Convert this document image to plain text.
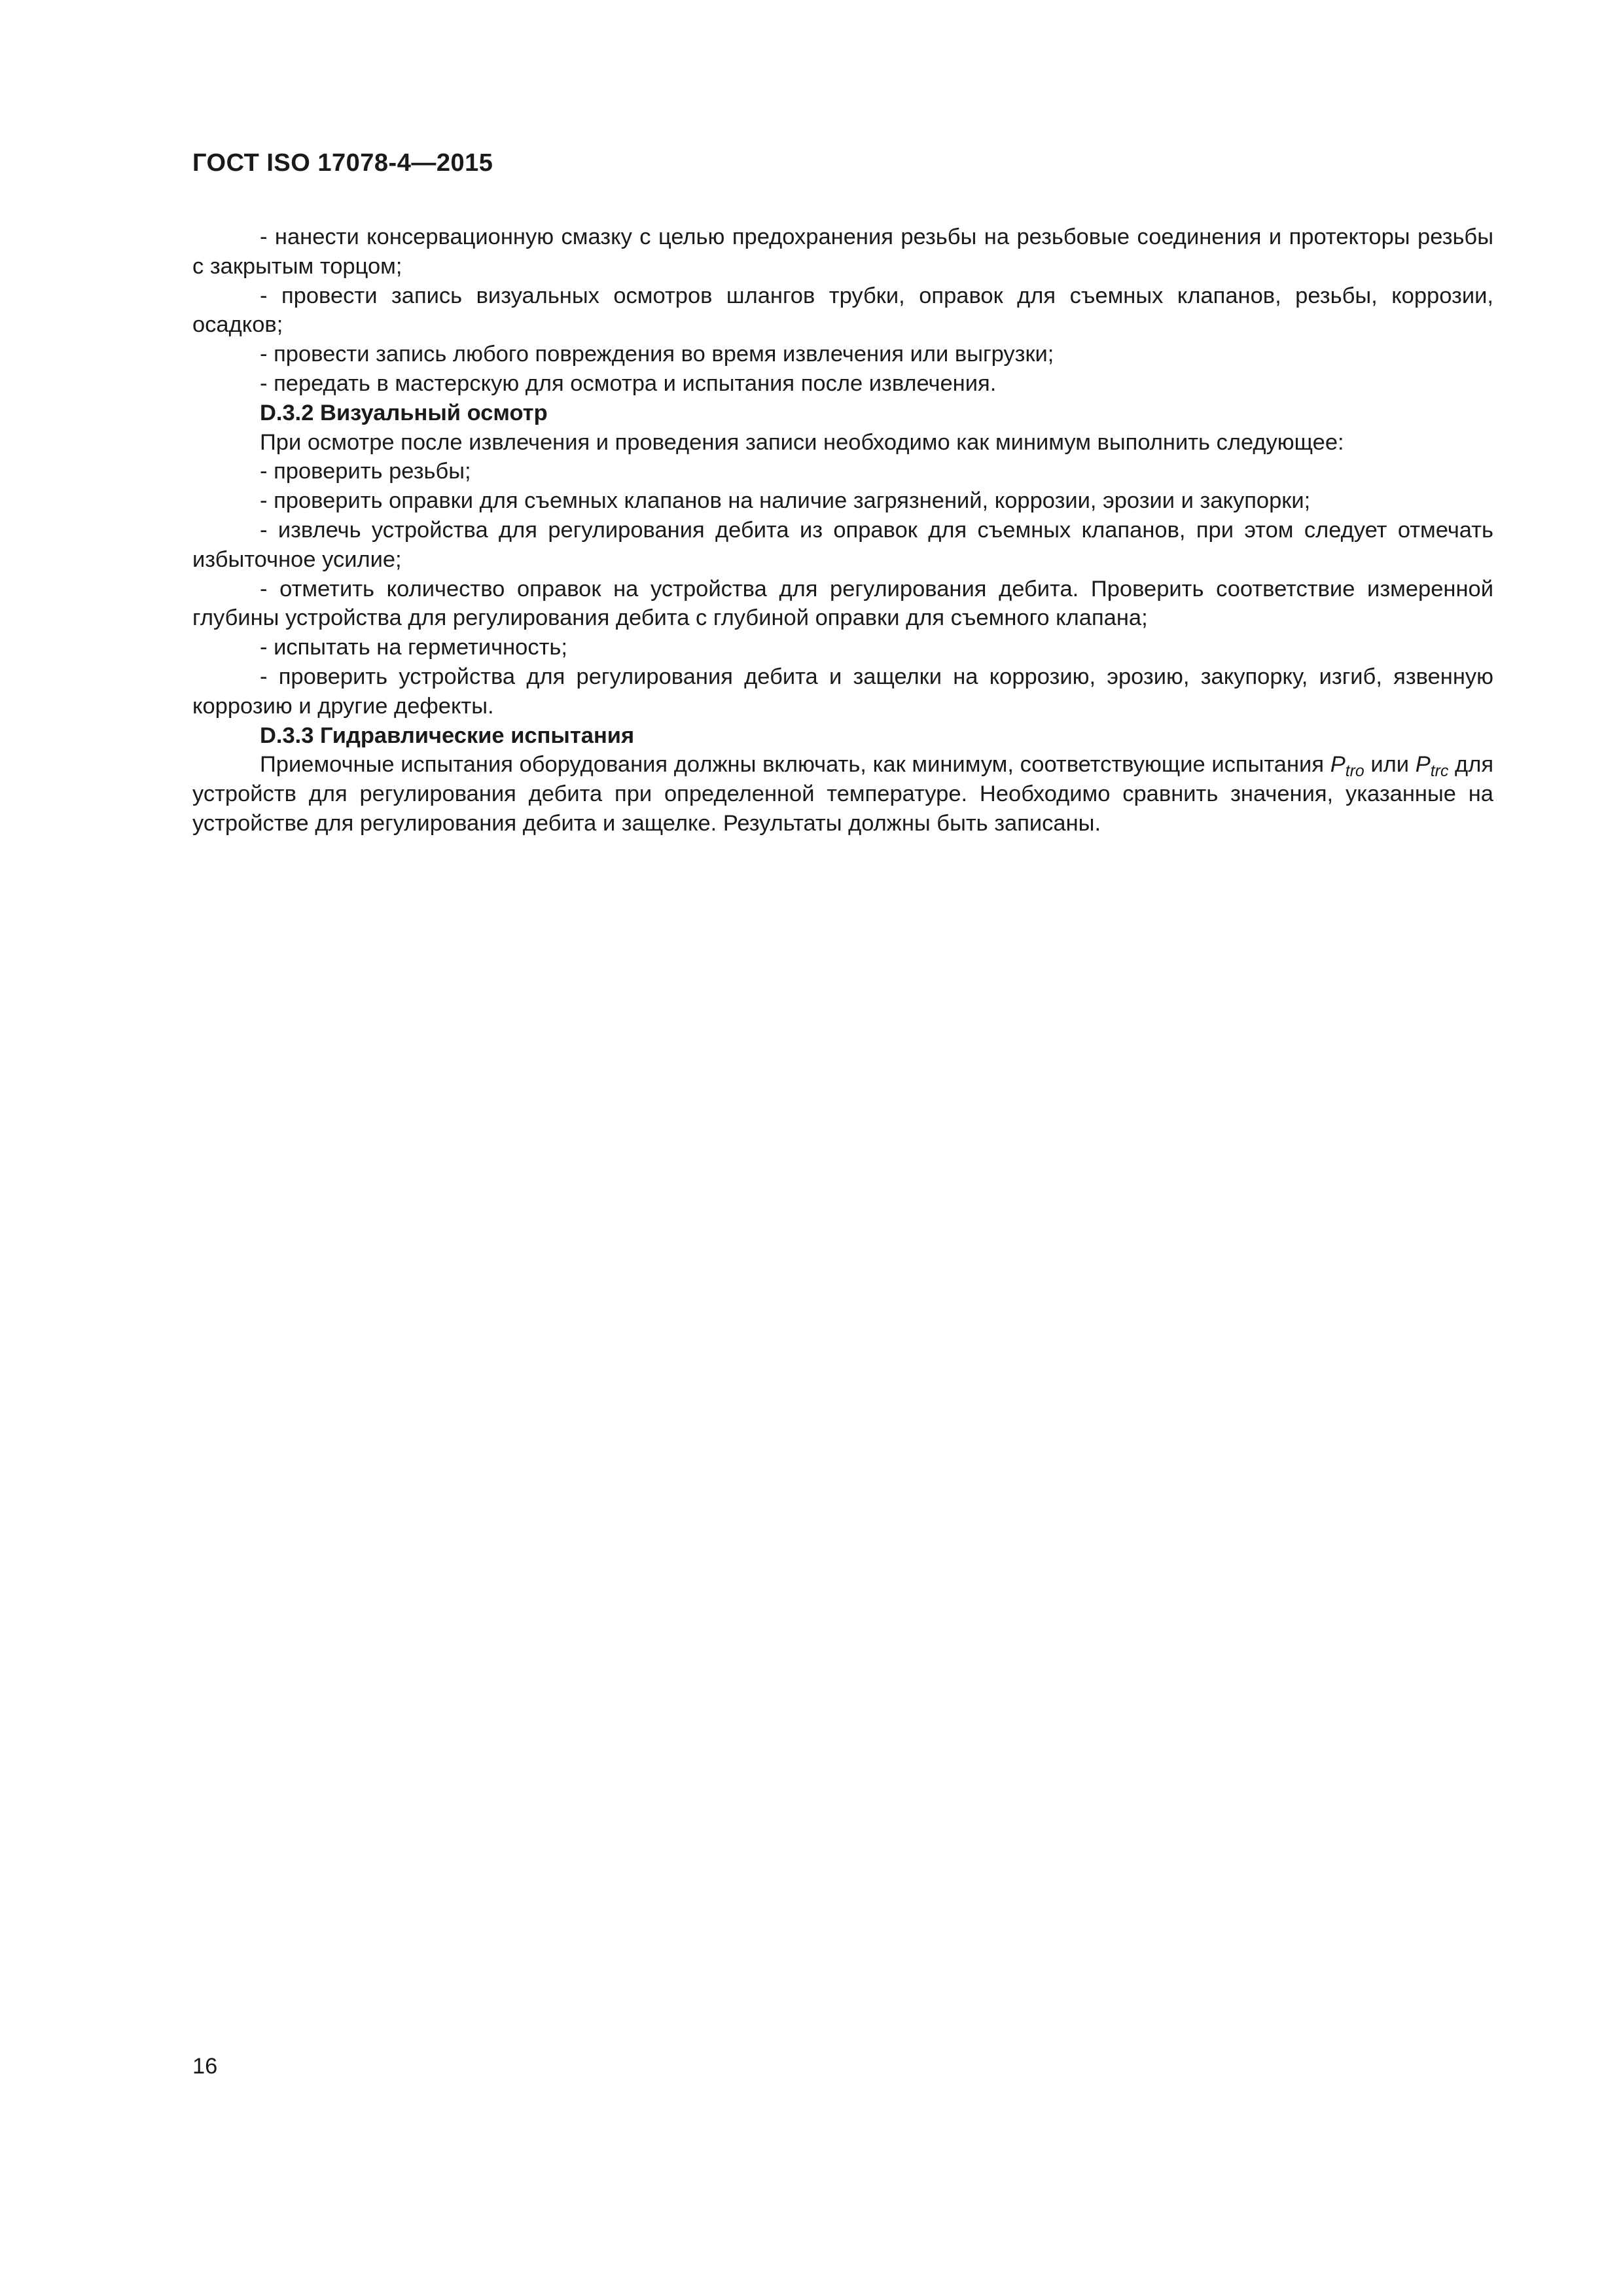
ГОСТ ISO 17078-4—2015

- нанести консервационную смазку с целью предохранения резьбы на резьбовые соединения и протекторы резьбы с закрытым торцом;

- провести запись визуальных осмотров шлангов трубки, оправок для съемных клапанов, резьбы, коррозии, осадков;

- провести запись любого повреждения во время извлечения или выгрузки;

- передать в мастерскую для осмотра и испытания после извлечения.

D.3.2 Визуальный осмотр

При осмотре после извлечения и проведения записи необходимо как минимум выполнить следующее:

- проверить резьбы;

- проверить оправки для съемных клапанов на наличие загрязнений, коррозии, эрозии и закупорки;

- извлечь устройства для регулирования дебита из оправок для съемных клапанов, при этом следует отмечать избыточное усилие;

- отметить количество оправок на устройства для регулирования дебита. Проверить соответствие измеренной глубины устройства для регулирования дебита с глубиной оправки для съемного клапана;

- испытать на герметичность;

- проверить устройства для регулирования дебита и защелки на коррозию, эрозию, закупорку, изгиб, язвенную коррозию и другие дефекты.

D.3.3 Гидравлические испытания

Приемочные испытания оборудования должны включать, как минимум, соответствующие испытания $P_{tro}$ или $P_{trc}$ для устройств для регулирования дебита при определенной температуре. Необходимо сравнить значения, указанные на устройстве для регулирования дебита и защелке. Результаты должны быть записаны.

16
